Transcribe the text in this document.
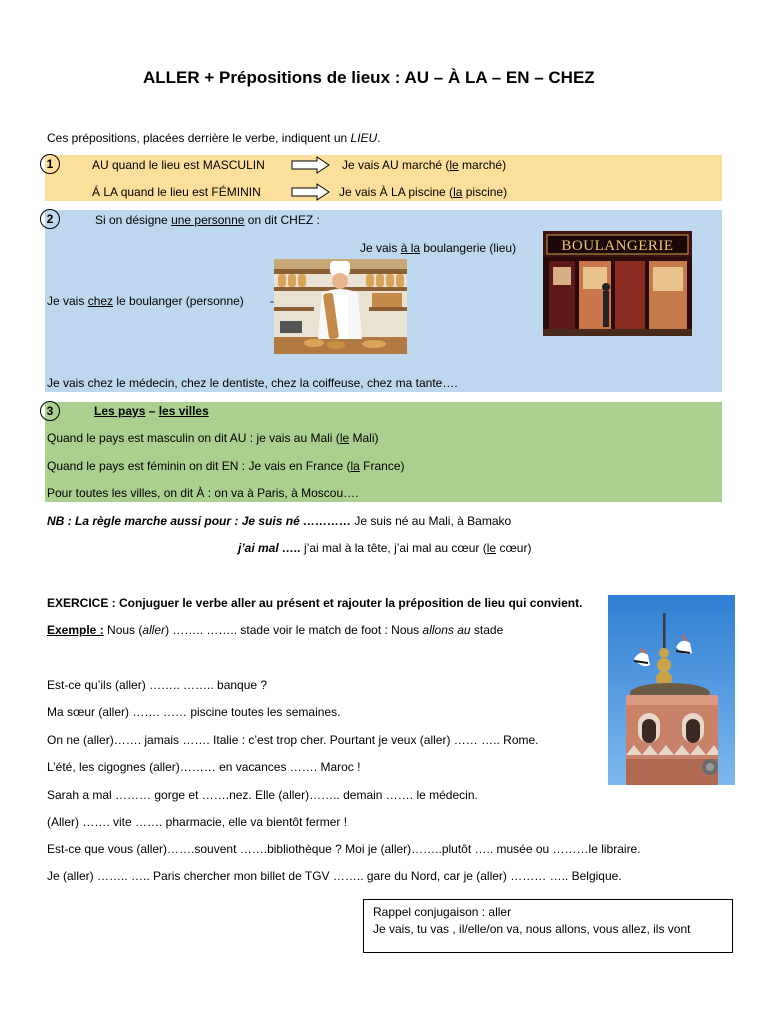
ALLER + Prépositions de lieux : AU – À LA – EN – CHEZ
Ces prépositions, placées derrière le verbe, indiquent un LIEU.
1	AU quand le lieu est MASCULIN	Je vais AU marché (le marché)
Á LA quand le lieu est FÉMININ	Je vais À LA piscine (la piscine)
2	Si on désigne une personne on dit CHEZ :
Je vais à la boulangerie (lieu)
Je vais chez le boulanger (personne) -
BOULANGERIE
Je vais chez le médecin, chez le dentiste, chez la coiffeuse, chez ma tante….
3	Les pays – les villes
Quand le pays est masculin on dit AU : je vais au Mali (le Mali)
Quand le pays est féminin on dit EN : Je vais en France (la France)
Pour toutes les villes, on dit À : on va à Paris, à Moscou….
NB : La règle marche aussi pour : Je suis né ………… Je suis né au Mali, à Bamako
j’ai mal ….. j’ai mal à la tête, j’ai mal au cœur (le cœur)
EXERCICE : Conjuguer le verbe aller au présent et rajouter la préposition de lieu qui convient.
Exemple : Nous (aller) …….. …….. stade voir le match de foot : Nous allons au stade
Est-ce qu’ils (aller) …….. …….. banque ?
Ma sœur (aller) ……. …… piscine toutes les semaines.
On ne (aller)……. jamais ……. Italie : c’est trop cher. Pourtant je veux (aller) …… ….. Rome.
L’été, les cigognes (aller)……… en vacances ……. Maroc !
Sarah a mal ……… gorge et …….nez. Elle (aller)…….. demain ……. le médecin.
(Aller) ……. vite ……. pharmacie, elle va bientôt fermer !
Est-ce que vous (aller)…….souvent …….bibliothèque ? Moi je (aller)……..plutôt ….. musée ou ………le libraire.
Je (aller) …….. ….. Paris chercher mon billet de TGV …….. gare du Nord, car je (aller) ……… ….. Belgique.
Rappel conjugaison : aller
Je vais, tu vas , il/elle/on va, nous allons, vous allez, ils vont
